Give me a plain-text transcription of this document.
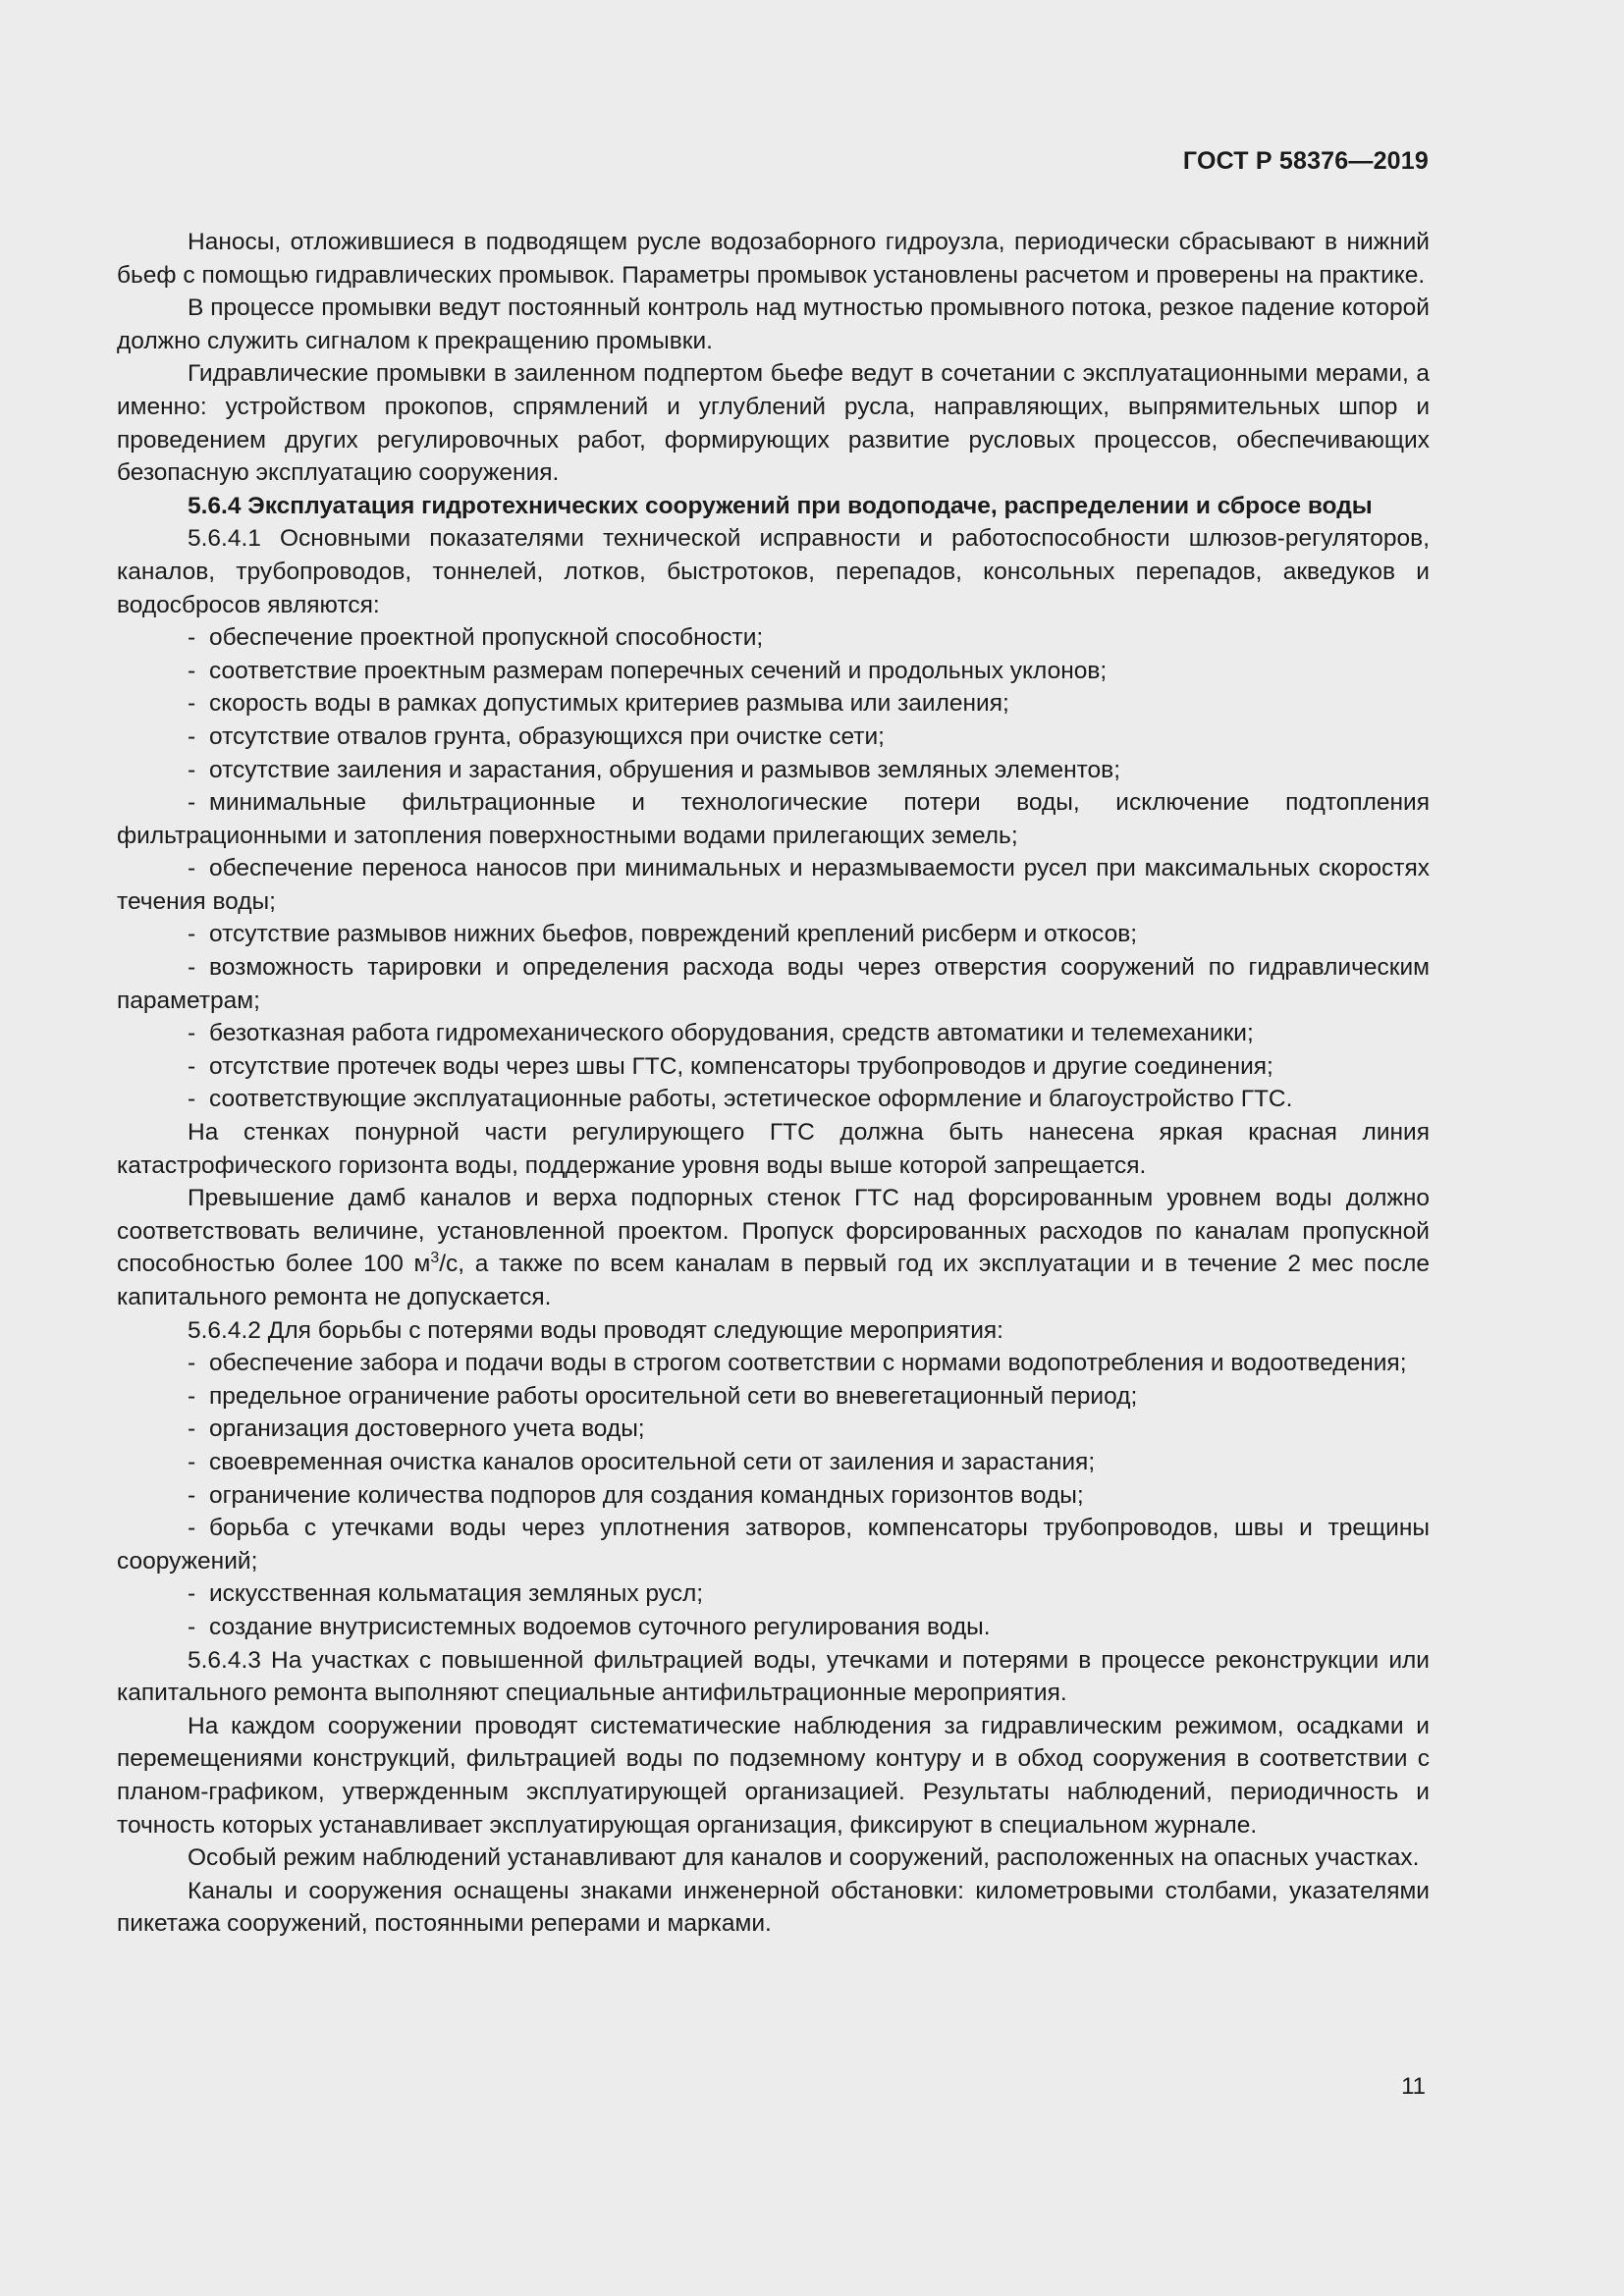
ГОСТ Р 58376—2019

Наносы, отложившиеся в подводящем русле водозаборного гидроузла, периодически сбрасывают в нижний бьеф с помощью гидравлических промывок. Параметры промывок установлены расчетом и проверены на практике.

В процессе промывки ведут постоянный контроль над мутностью промывного потока, резкое падение которой должно служить сигналом к прекращению промывки.

Гидравлические промывки в заиленном подпертом бьефе ведут в сочетании с эксплуатационными мерами, а именно: устройством прокопов, спрямлений и углублений русла, направляющих, выпрямительных шпор и проведением других регулировочных работ, формирующих развитие русловых процессов, обеспечивающих безопасную эксплуатацию сооружения.

5.6.4 Эксплуатация гидротехнических сооружений при водоподаче, распределении и сбросе воды

5.6.4.1 Основными показателями технической исправности и работоспособности шлюзов-регуляторов, каналов, трубопроводов, тоннелей, лотков, быстротоков, перепадов, консольных перепадов, акведуков и водосбросов являются:

- обеспечение проектной пропускной способности;

- соответствие проектным размерам поперечных сечений и продольных уклонов;

- скорость воды в рамках допустимых критериев размыва или заиления;

- отсутствие отвалов грунта, образующихся при очистке сети;

- отсутствие заиления и зарастания, обрушения и размывов земляных элементов;

- минимальные фильтрационные и технологические потери воды, исключение подтопления фильтрационными и затопления поверхностными водами прилегающих земель;

- обеспечение переноса наносов при минимальных и неразмываемости русел при максимальных скоростях течения воды;

- отсутствие размывов нижних бьефов, повреждений креплений рисберм и откосов;

- возможность тарировки и определения расхода воды через отверстия сооружений по гидравлическим параметрам;

- безотказная работа гидромеханического оборудования, средств автоматики и телемеханики;

- отсутствие протечек воды через швы ГТС, компенсаторы трубопроводов и другие соединения;

- соответствующие эксплуатационные работы, эстетическое оформление и благоустройство ГТС.

На стенках понурной части регулирующего ГТС должна быть нанесена яркая красная линия катастрофического горизонта воды, поддержание уровня воды выше которой запрещается.

Превышение дамб каналов и верха подпорных стенок ГТС над форсированным уровнем воды должно соответствовать величине, установленной проектом. Пропуск форсированных расходов по каналам пропускной способностью более 100 $м^3/с$, а также по всем каналам в первый год их эксплуатации и в течение 2 мес после капитального ремонта не допускается.

5.6.4.2 Для борьбы с потерями воды проводят следующие мероприятия:

- обеспечение забора и подачи воды в строгом соответствии с нормами водопотребления и водоотведения;

- предельное ограничение работы оросительной сети во вневегетационный период;

- организация достоверного учета воды;

- своевременная очистка каналов оросительной сети от заиления и зарастания;

- ограничение количества подпоров для создания командных горизонтов воды;

- борьба с утечками воды через уплотнения затворов, компенсаторы трубопроводов, швы и трещины сооружений;

- искусственная кольматация земляных русл;

- создание внутрисистемных водоемов суточного регулирования воды.

5.6.4.3 На участках с повышенной фильтрацией воды, утечками и потерями в процессе реконструкции или капитального ремонта выполняют специальные антифильтрационные мероприятия.

На каждом сооружении проводят систематические наблюдения за гидравлическим режимом, осадками и перемещениями конструкций, фильтрацией воды по подземному контуру и в обход сооружения в соответствии с планом-графиком, утвержденным эксплуатирующей организацией. Результаты наблюдений, периодичность и точность которых устанавливает эксплуатирующая организация, фиксируют в специальном журнале.

Особый режим наблюдений устанавливают для каналов и сооружений, расположенных на опасных участках.

Каналы и сооружения оснащены знаками инженерной обстановки: километровыми столбами, указателями пикетажа сооружений, постоянными реперами и марками.

11
